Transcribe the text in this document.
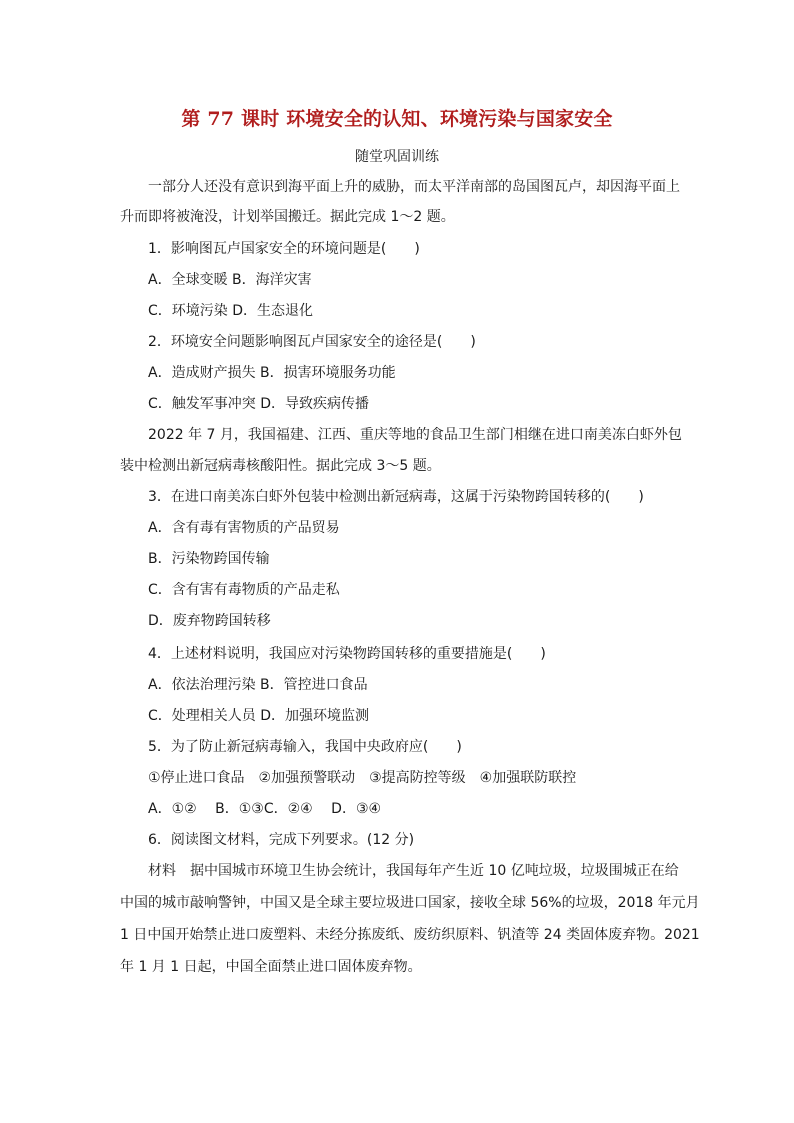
第 77 课时 环境安全的认知、环境污染与国家安全
随堂巩固训练
一部分人还没有意识到海平面上升的威胁，而太平洋南部的岛国图瓦卢，却因海平面上
升而即将被淹没，计划举国搬迁。据此完成 1～2 题。
1．影响图瓦卢国家安全的环境问题是(　　)
A．全球变暖 B．海洋灾害
C．环境污染 D．生态退化
2．环境安全问题影响图瓦卢国家安全的途径是(　　)
A．造成财产损失 B．损害环境服务功能
C．触发军事冲突 D．导致疾病传播
2022 年 7 月，我国福建、江西、重庆等地的食品卫生部门相继在进口南美冻白虾外包
装中检测出新冠病毒核酸阳性。据此完成 3～5 题。
3．在进口南美冻白虾外包装中检测出新冠病毒，这属于污染物跨国转移的(　　)
A．含有毒有害物质的产品贸易
B．污染物跨国传输
C．含有害有毒物质的产品走私
D．废弃物跨国转移
4．上述材料说明，我国应对污染物跨国转移的重要措施是(　　)
A．依法治理污染 B．管控进口食品
C．处理相关人员 D．加强环境监测
5．为了防止新冠病毒输入，我国中央政府应(　　)
①停止进口食品　②加强预警联动　③提高防控等级　④加强联防联控
A．①②　 B．①③C．②④　 D．③④
6．阅读图文材料，完成下列要求。(12 分)
材料　据中国城市环境卫生协会统计，我国每年产生近 10 亿吨垃圾，垃圾围城正在给
中国的城市敲响警钟，中国又是全球主要垃圾进口国家，接收全球 56%的垃圾，2018 年元月
1 日中国开始禁止进口废塑料、未经分拣废纸、废纺织原料、钒渣等 24 类固体废弃物。2021
年 1 月 1 日起，中国全面禁止进口固体废弃物。
